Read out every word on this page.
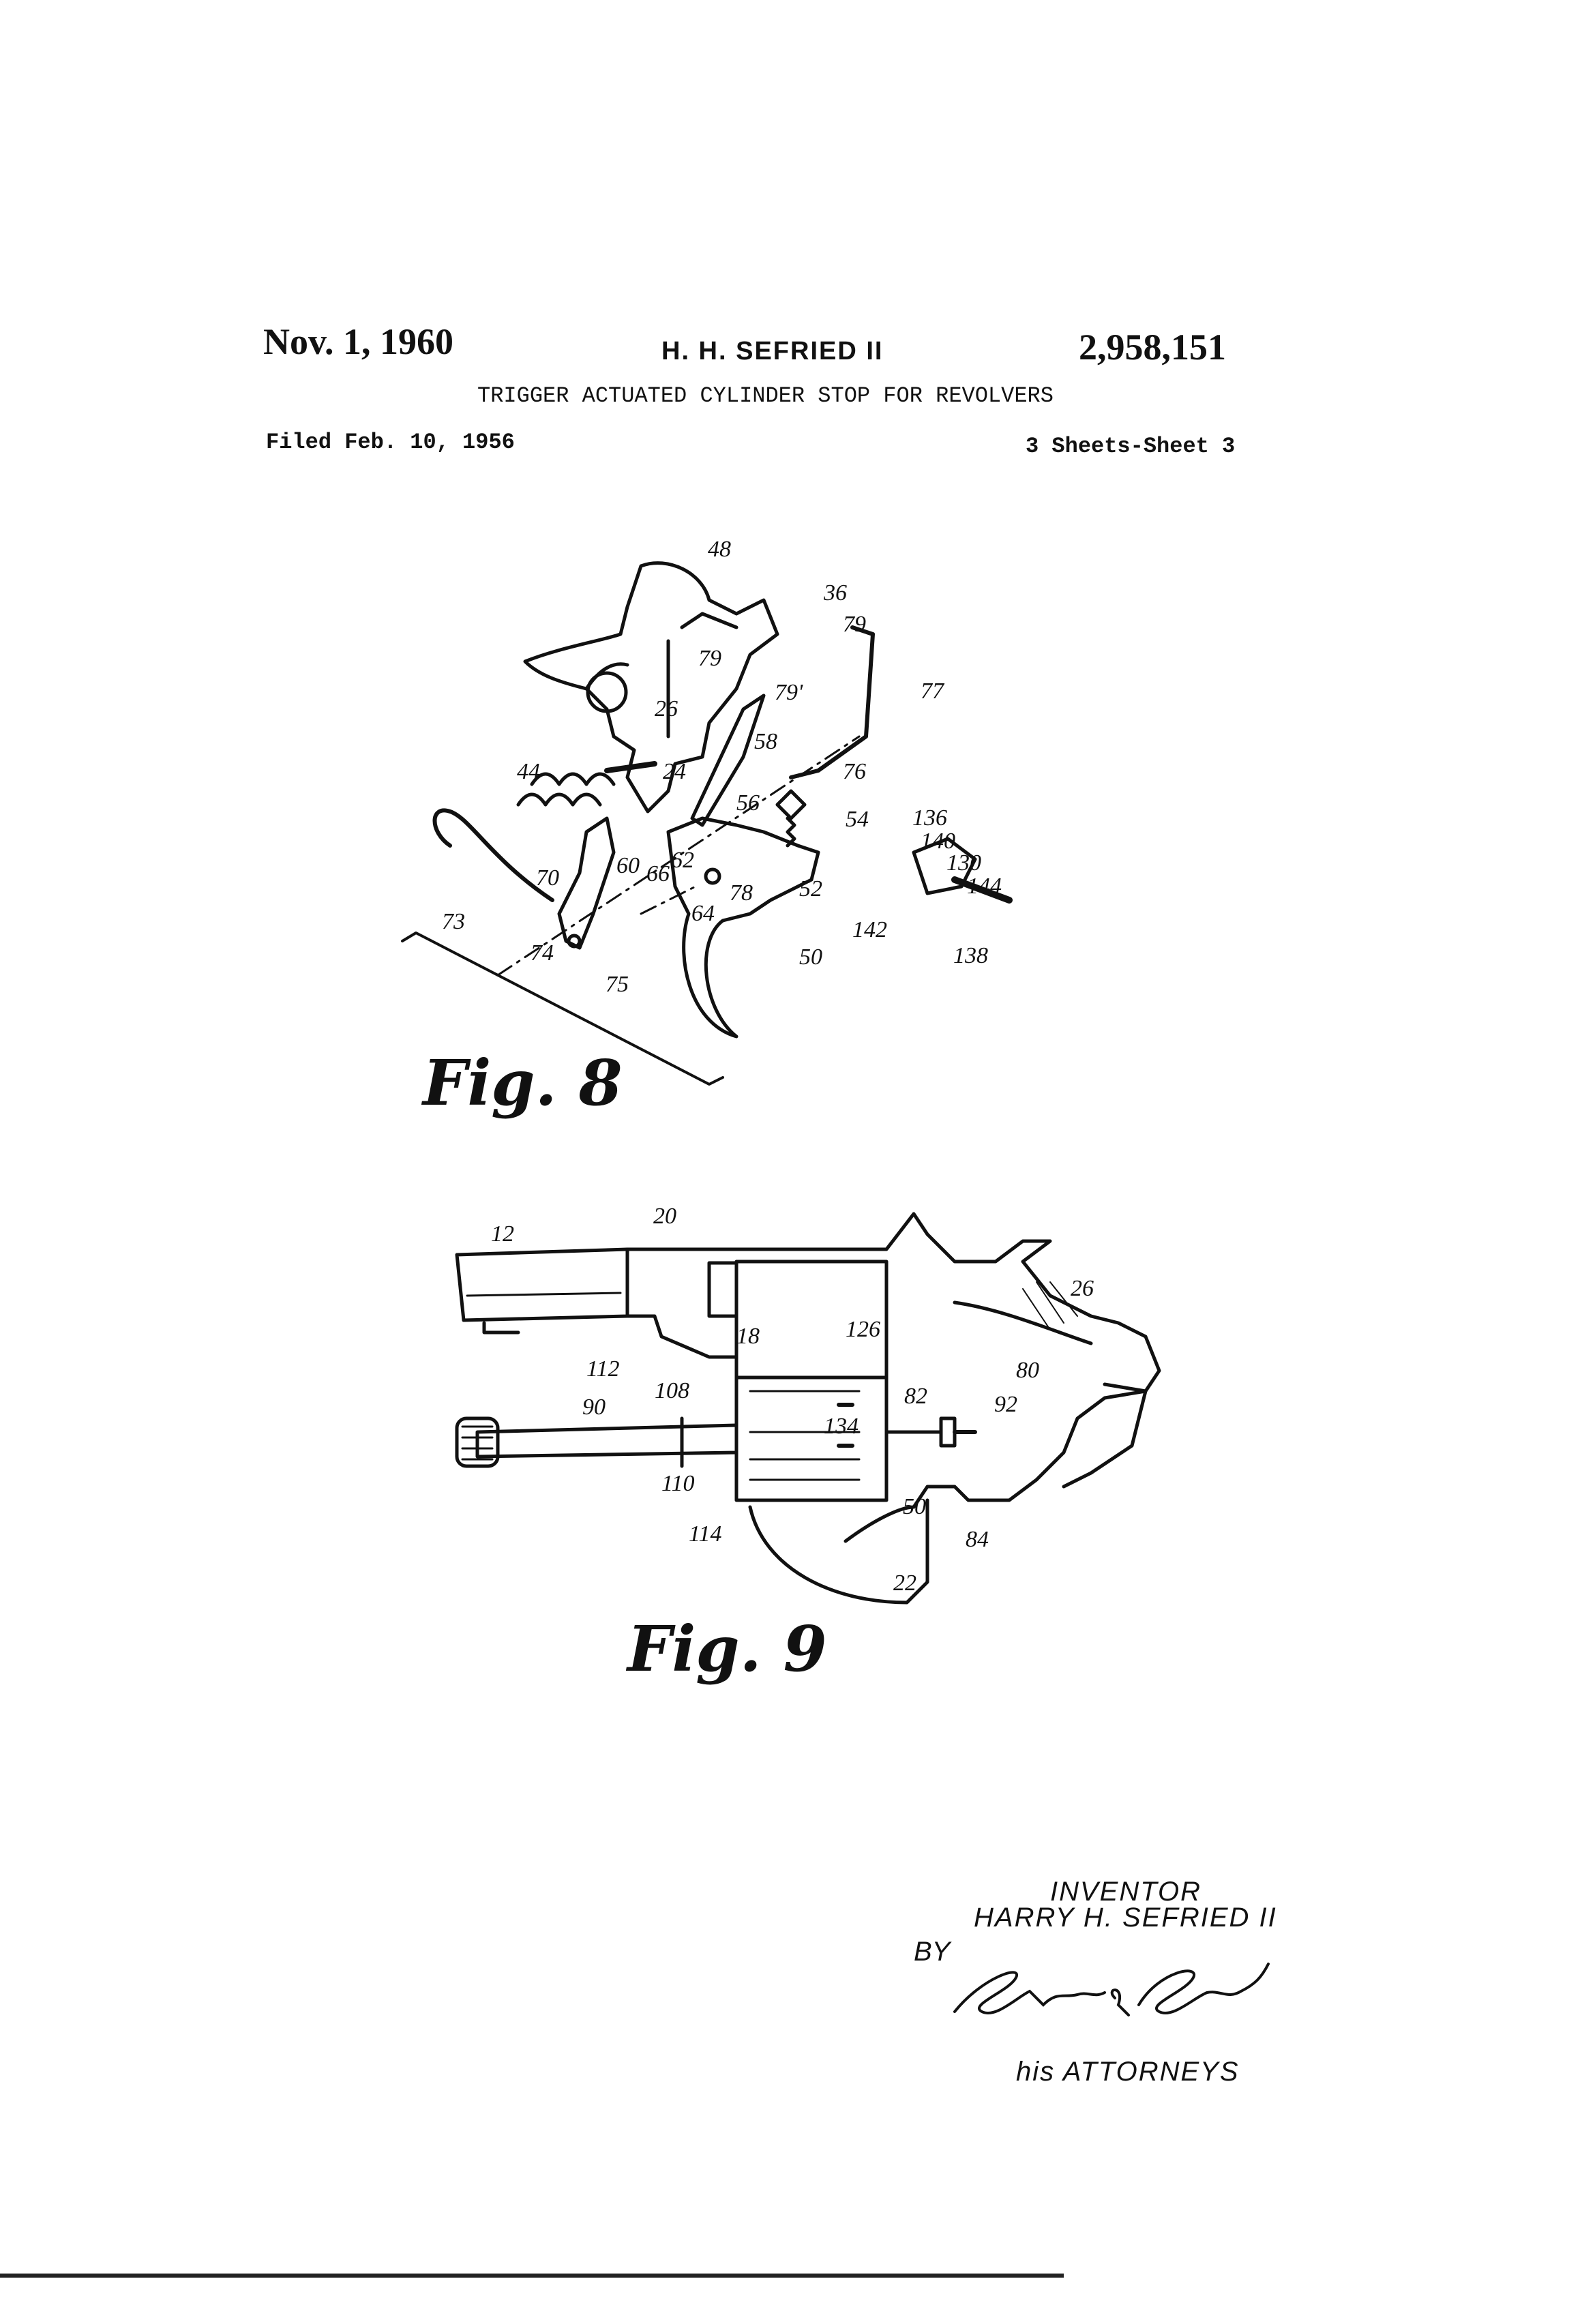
Nov. 1, 1960	H. H. SEFRIED II	2,958,151
TRIGGER ACTUATED CYLINDER STOP FOR REVOLVERS
Filed Feb. 10, 1956	3 Sheets-Sheet 3
48
36
79
79
79'	77
26
58
44	24	76
56
54 136
140
130
144
60 62
66
78 52
64
142
138
50
70
73
74
75
Fig. 8
12
20
26
126
18
80
112
108	82	92
90
134
110
114
50
84
22
Fig. 9
INVENTOR
HARRY H. SEFRIED II
BY
his ATTORNEYS
